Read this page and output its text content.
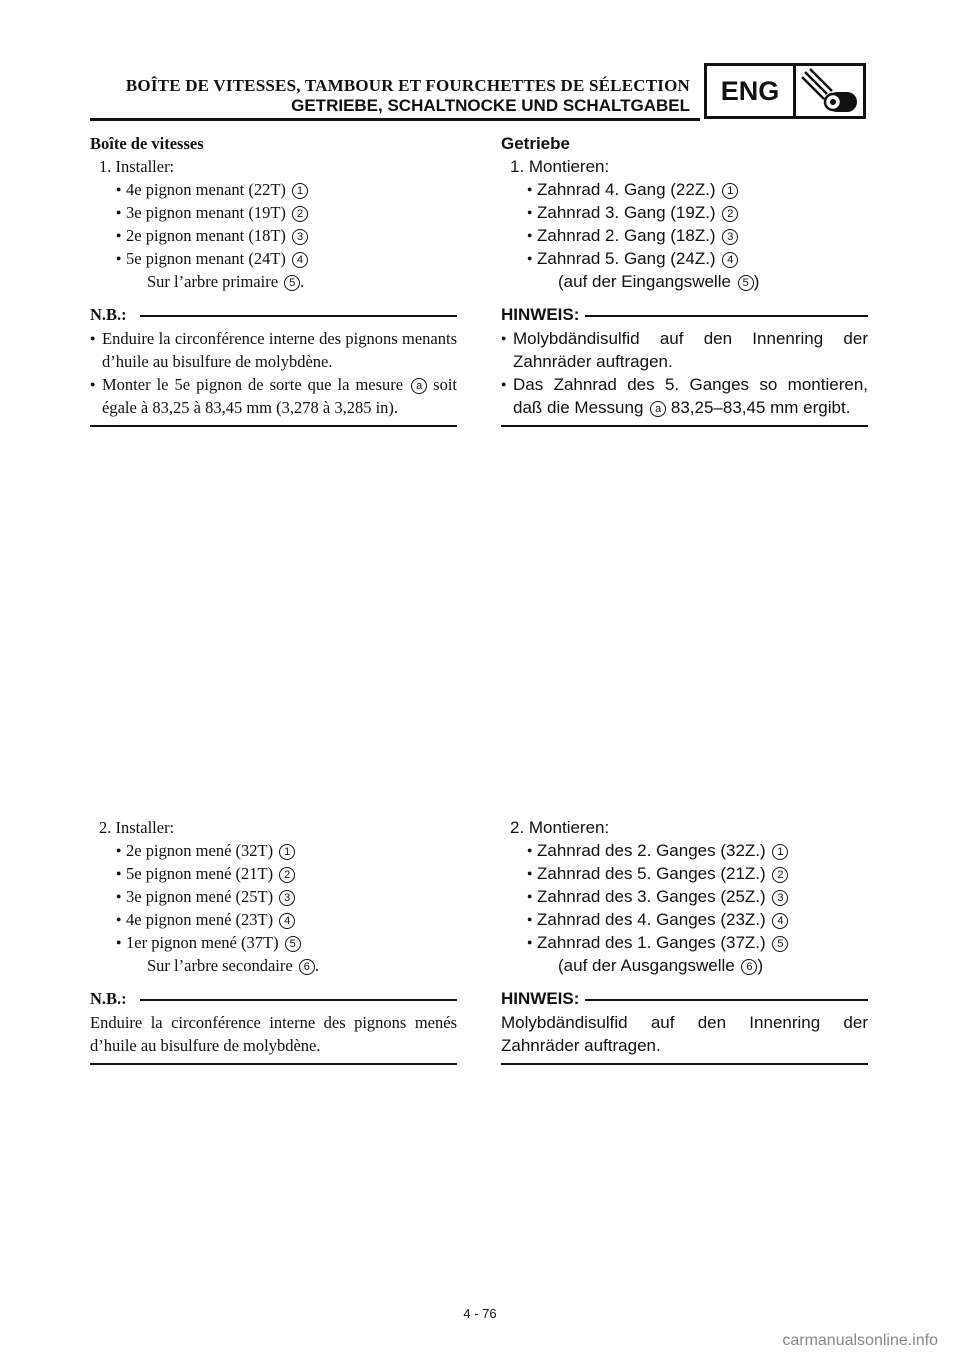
BOÎTE DE VITESSES, TAMBOUR ET FOURCHETTES DE SÉLECTION
GETRIEBE, SCHALTNOCKE UND SCHALTGABEL	ENG
Boîte de vitesses
1. Installer:
● 4e pignon menant (22T) 1
● 3e pignon menant (19T) 2
● 2e pignon menant (18T) 3
● 5e pignon menant (24T) 4
Sur l’arbre primaire 5 .
N.B.:
● Enduire la circonférence interne des pignons menants d’huile au bisulfure de molybdène.
● Monter le 5e pignon de sorte que la mesure a soit égale à 83,25 à 83,45 mm (3,278 à 3,285 in).
Getriebe
1. Montieren:
● Zahnrad 4. Gang (22Z.) 1
● Zahnrad 3. Gang (19Z.) 2
● Zahnrad 2. Gang (18Z.) 3
● Zahnrad 5. Gang (24Z.) 4
(auf der Eingangswelle 5 )
HINWEIS:
● Molybdändisulfid auf den Innenring der Zahnräder auftragen.
● Das Zahnrad des 5. Ganges so montieren, daß die Messung a 83,25–83,45 mm ergibt.
2. Installer:
● 2e pignon mené (32T) 1
● 5e pignon mené (21T) 2
● 3e pignon mené (25T) 3
● 4e pignon mené (23T) 4
● 1er pignon mené (37T) 5
Sur l’arbre secondaire 6 .
N.B.:
Enduire la circonférence interne des pignons menés d’huile au bisulfure de molybdène.
2. Montieren:
● Zahnrad des 2. Ganges (32Z.) 1
● Zahnrad des 5. Ganges (21Z.) 2
● Zahnrad des 3. Ganges (25Z.) 3
● Zahnrad des 4. Ganges (23Z.) 4
● Zahnrad des 1. Ganges (37Z.) 5
(auf der Ausgangswelle 6 )
HINWEIS:
Molybdändisulfid auf den Innenring der Zahnräder auftragen.
4 - 76
carmanualsonline.info
